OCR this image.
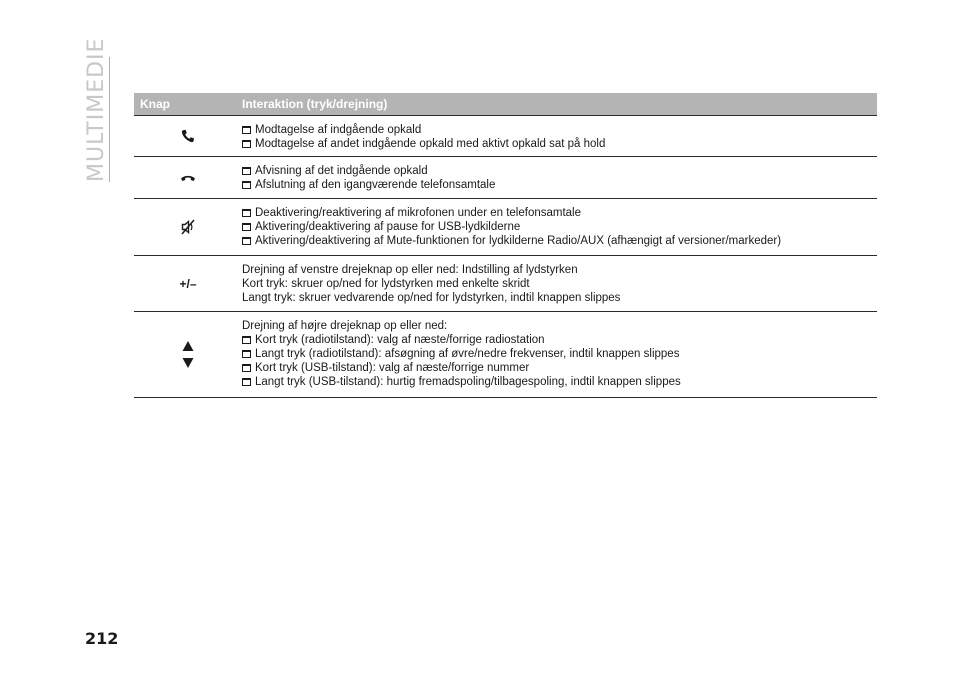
MULTIMEDIE	Knap	Interaktion (tryk/drejning)
Modtagelse af indgående opkald
Modtagelse af andet indgående opkald med aktivt opkald sat på hold
Afvisning af det indgående opkald
Afslutning af den igangværende telefonsamtale
Deaktivering/reaktivering af mikrofonen under en telefonsamtale
Aktivering/deaktivering af pause for USB-lydkilderne
Aktivering/deaktivering af Mute-funktionen for lydkilderne Radio/AUX (afhængigt af versioner/markeder)
+/–
Drejning af venstre drejeknap op eller ned: Indstilling af lydstyrken
Kort tryk: skruer op/ned for lydstyrken med enkelte skridt
Langt tryk: skruer vedvarende op/ned for lydstyrken, indtil knappen slippes
Drejning af højre drejeknap op eller ned:
Kort tryk (radiotilstand): valg af næste/forrige radiostation
Langt tryk (radiotilstand): afsøgning af øvre/nedre frekvenser, indtil knappen slippes
Kort tryk (USB-tilstand): valg af næste/forrige nummer
Langt tryk (USB-tilstand): hurtig fremadspoling/tilbagespoling, indtil knappen slippes
212
